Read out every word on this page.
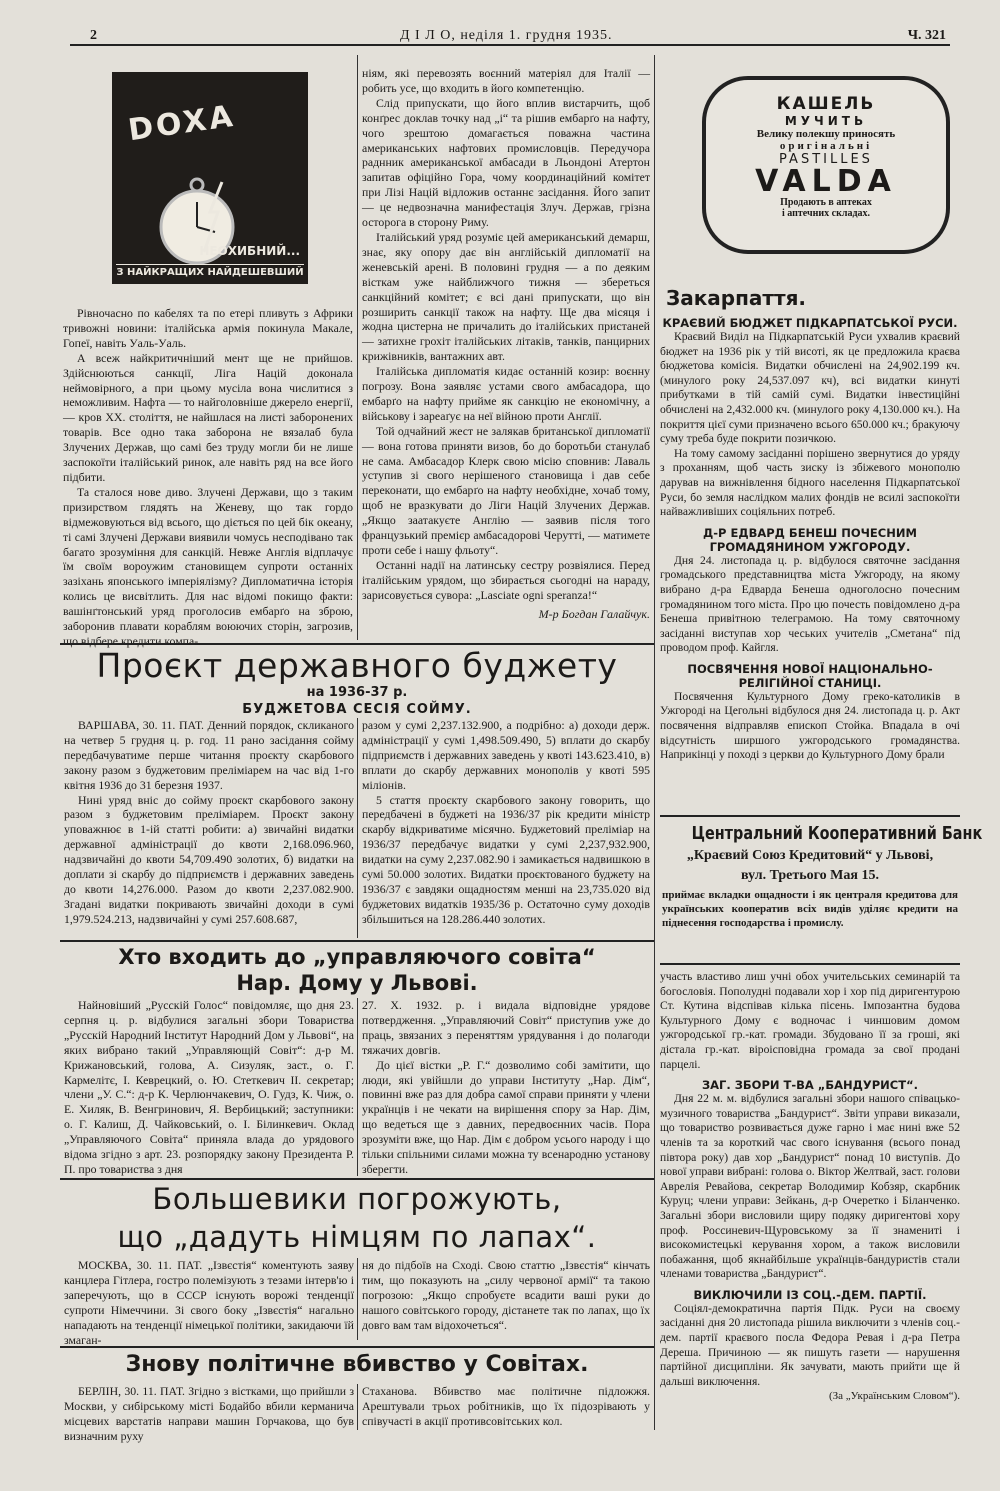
2	Д І Л О, неділя 1. грудня 1935.	Ч. 321
DOXA
НЕОХИБНИЙ...
З НАЙКРАЩИХ НАЙДЕШЕВШИЙ

Рівночасно по кабелях та по етері пливуть з Африки тривожні новини: італійська армія покинула Макале, Гопеї, навіть Уаль-Уаль.

А всеж найкритичніший мент ще не прийшов. Здійснюються санкції, Ліга Націй доконала неймовірного, а при цьому мусіла вона числитися з неможливим. Нафта — то найголовніше джерело енергії, — кров XX. століття, не найшлася на листі заборонених товарів. Все одно така заборона не вязалаб була Злучених Держав, що самі без труду могли би не лише заспокоїти італійський ринок, але навіть ряд на все його підбити.

Та сталося нове диво. Злучені Держави, що з таким призирством глядять на Женеву, що так гордо відмежовуються від всього, що діється по цей бік океану, ті самі Злучені Держави виявили чомусь несподівано так багато зрозуміння для санкцій. Невже Англія відплачує їм своїм вороужим становищем супроти останніх зазіхань японського імперіялізму? Дипломатична історія колись це висвітлить. Для нас відомі покищо факти: вашінґтонський уряд проголосив ембарґо на зброю, заборонив плавати кораблям воюючих сторін, загрозив, що відбере кредити компа-

ніям, які перевозять воєнний матеріял для Італії — робить усе, що входить в його компетенцію.

Слід припускати, що його вплив вистарчить, щоб конґрес доклав точку над „і“ та рішив ембарґо на нафту, чого зрештою домагається поважна частина американських нафтових промисловців. Передучора раднник американської амбасади в Льондоні Атертон запитав офіційно Гора, чому координаційний комітет при Лізі Націй відложив останнє засідання. Його запит — це недвозначна манифестація Злуч. Держав, грізна осторога в сторону Риму.

Італійський уряд розуміє цей американський демарш, знає, яку опору дає він англійській дипломатії на женевській арені. В половині грудня — а по деяким вісткам уже найближчого тижня — збереться санкційний комітет; є всі дані припускати, що він розширить санкції також на нафту. Ще два місяця і жодна цистерна не причалить до італійських пристаней — затихне грохіт італійських літаків, танків, панцирних крижівників, вантажних авт.

Італійська дипломатія кидає останній козир: воєнну погрозу. Вона заявляє устами свого амбасадора, що ембарґо на нафту прийме як санкцію не економічну, а військову і зареаґує на неї війною проти Англії.

Той одчайний жест не залякав британської дипломатії — вона готова приняти визов, бо до боротьби станулаб не сама. Амбасадор Клерк свою місію сповнив: Лаваль уступив зі свого нерішеного становища і дав себе переконати, що ембарґо на нафту необхідне, хочаб тому, щоб не вразкувати до Ліги Націй Злучених Держав. „Якщо заатакуєте Англію — заявив після того французький премієр амбасадорові Черутті, — матимете проти себе і нашу фльоту“.

Останні надії на латинську сестру розвіялися. Перед італійським урядом, що збирається сьогодні на нараду, зарисовується сувора: „Lasciate ogni speranza!“

М-р Богдан Галайчук.

КАШЕЛЬ
МУЧИТЬ
Велику полекшу приносять
оригінальні
PASTILLES
VALDA
Продають в аптеках
і аптечних складах.
Закарпаття.
КРАЄВИЙ БЮДЖЕТ ПІДКАРПАТСЬКОЇ РУСИ.

Краєвий Виділ на Підкарпатській Руси ухвалив краєвий бюджет на 1936 рік у тій висоті, як це предложила краєва бюджетова комісія. Видатки обчислені на 24,902.199 кч. (минулого року 24,537.097 кч), всі видатки кинуті прибутками в тій самій сумі. Видатки інвестиційні обчислені на 2,432.000 кч. (минулого року 4,130.000 кч.). На покриття цієї суми призначено всього 650.000 кч.; бракуючу суму треба буде покрити позичкою.

На тому самому засіданні порішено звернутися до уряду з проханням, щоб часть зиску із збіжевого монополю дарував на вижнівлення бідного населення Підкарпатської Руси, бо земля наслідком малих фондів не всилі заспокоїти найважливіших соціяльних потреб.

Д-Р ЕДВАРД БЕНЕШ ПОЧЕСНИМ
ГРОМАДЯНИНОМ УЖГОРОДУ.

Дня 24. листопада ц. р. відбулося святочне засідання громадського представництва міста Ужгороду, на якому вибрано д-ра Едварда Бенеша одноголосно почесним громадянином того міста. Про цю почесть повідомлено д-ра Бенеша привітною телеграмою. На тому святочному засіданні виступав хор чеських учителів „Сметана“ під проводом проф. Кайгля.

ПОСВЯЧЕННЯ НОВОЇ НАЦІОНАЛЬНО-
РЕЛІГІЙНОЇ СТАНИЦІ.

Посвячення Культурного Дому греко-католиків в Ужгороді на Цегольні відбулося дня 24. листопада ц. р. Акт посвячення відправляв епископ Стойка. Впадала в очі відсутність ширшого ужгородського громадянства. Наприкінці у поході з церкви до Культурного Дому брали

Центральний Кооперативний Банк
„Краєвий Союз Кредитовий“ у Львові,
вул. Третього Мая 15.
приймає вкладки ощадности і як централя кредитова для українських кооператив всіх видів уділяє кредити на піднесення господарства і промислу.

участь властиво лиш учні обох учительських семинарій та богословія. Пополудні подавали хор і хор під диригентурою Ст. Кутина відспівав кілька пісень. Імпозантна будова Культурного Дому є водночас і чиншовим домом ужгородської гр.-кат. громади. Збудовано її за гроші, які дістала гр.-кат. віроісповідна громада за свої продані парцелі.

ЗАГ. ЗБОРИ Т-ВА „БАНДУРИСТ“.

Дня 22 м. м. відбулися загальні збори нашого співацько-музичного товариства „Бандурист“. Звіти управи виказали, що товариство розвивається дуже гарно і має нині вже 52 членів та за короткий час свого існування (всього понад півтора року) дав хор „Бандурист“ понад 10 виступів. До нової управи вибрані: голова о. Віктор Желтвай, заст. голови Аврелія Ревайова, секретар Володимир Кобзяр, скарбник Куруц; члени управи: Зейкань, д-р Очеретко і Біланченко. Загальні збори висловили щиру подяку диригентові хору проф. Россиневич-Щуровському за її знамениті і високомистецькі керування хором, а також висловили побажання, щоб якнайбільше українців-бандуристів стали членами товариства „Бандурист“.

ВИКЛЮЧИЛИ ІЗ СОЦ.-ДЕМ. ПАРТІЇ.

Соціял-демократична партія Підк. Руси на своєму засіданні дня 20 листопада рішила виключити з членів соц.-дем. партії краєвого посла Федора Ревая і д-ра Петра Дереша. Причиною — як пишуть газети — нарушення партійної дисципліни. Як зачувати, мають прийти ще й дальші виключення.

(За „Українським Словом“).

Проєкт державного буджету
на 1936-37 р.
БУДЖЕТОВА СЕСІЯ СОЙМУ.

ВАРШАВА, 30. 11. ПАТ. Денний порядок, скликаного на четвер 5 грудня ц. р. год. 11 рано засідання сойму передбачуватиме перше читання проєкту скарбового закону разом з буджетовим преліміарем на час від 1-го квітня 1936 до 31 березня 1937.

Нині уряд вніс до сойму проєкт скарбового закону разом з буджетовим преліміарем. Проєкт закону уповажнює в 1-ій статті робити: а) звичайні видатки державної адміністрації до квоти 2,168.096.960, надзвичайні до квоти 54,709.490 золотих, б) видатки на доплати зі скарбу до підприємств і державних заведень до квоти 14,276.000. Разом до квоти 2,237.082.900. Згадані видатки покривають звичайні доходи в сумі 1,979.524.213, надзвичайні у сумі 257.608.687,

разом у сумі 2,237.132.900, а подрібно: а) доходи держ. адміністрації у сумі 1,498.509.490, 5) вплати до скарбу підприємств і державних заведень у квоті 143.623.410, в) вплати до скарбу державних монополів у квоті 595 міліонів.

5 стаття проєкту скарбового закону говорить, що передбачені в буджеті на 1936/37 рік кредити міністр скарбу відкриватиме місячно. Буджетовий преліміар на 1936/37 передбачує видатки у сумі 2,237,932.900, видатки на суму 2,237.082.90 і замикається надвишкою в сумі 50.000 золотих. Видатки проєктованого буджету на 1936/37 є завдяки ощадностям менші на 23,735.020 від буджетових видатків 1935/36 р. Остаточно суму доходів збільшиться на 128.286.440 золотих.

Хто входить до „управляючого совіта“
Нар. Дому у Львові.

Найновіший „Русскій Голос“ повідомляє, що дня 23. серпня ц. р. відбулися загальні збори Товариства „Русскій Народний Інститут Народний Дом у Львові“, на яких вибрано такий „Управляющій Совіт“: д-р М. Крижановський, голова, А. Сизуляк, заст., о. Г. Кармелітє, І. Кеврецкий, о. Ю. Стеткевич II. секретар; члени „У. С.“: д-р К. Черлюнчакевич, О. Гудз, К. Чиж, о. Е. Хиляк, В. Венгринович, Я. Вербицький; заступники: о. Г. Калиш, Д. Чайковський, о. І. Білинкевич. Оклад „Управляючого Совіта“ приняла влада до урядового відома згідно з арт. 23. розпорядку закону Президента Р. П. про товариства з дня

27. X. 1932. р. і видала відповідне урядове потвердження. „Управляючий Совіт“ приступив уже до праць, звязаних з переняттям урядування і до полагоди тяжачих довгів.

До цієї вістки „Р. Г.“ дозволимо собі замітити, що люди, які увійшли до управи Інституту „Нар. Дім“, повинні вже раз для добра самої справи приняти у члени українців і не чекати на вирішення спору за Нар. Дім, що ведеться ще з давних, передвоєнних часів. Пора зрозуміти вже, що Нар. Дім є добром усього народу і що тільки спільними силами можна ту всенародню установу зберегти.

Большевики погрожують,
що „дадуть німцям по лапах“.

МОСКВА, 30. 11. ПАТ. „Ізвєстія“ коментують заяву канцлера Гітлера, гостро полемізують з тезами інтерв'ю і заперечують, що в СССР існують ворожі тенденції супроти Німеччини. Зі свого боку „Ізвєстія“ нагально нападають на тенденції німецької політики, закидаючи їй змаган-

ня до підбоїв на Сході. Свою статтю „Ізвєстія“ кінчать тим, що показують на „силу червоної армії“ та такою погрозою: „Якщо спробуєте всадити ваші руки до нашого совітського городу, дістанете так по лапах, що їх довго вам там відохочеться“.

Знову політичне вбивство у Совітах.

БЕРЛІН, 30. 11. ПАТ. Згідно з вістками, що прийшли з Москви, у сибірському місті Бодайбо вбили керманича місцевих варстатів направи машин Горчакова, що був визначним руху

Стаханова. Вбивство має політичне підложжя. Арештували трьох робітників, що їх підозрівають у співучасті в акції противсовітських кол.
